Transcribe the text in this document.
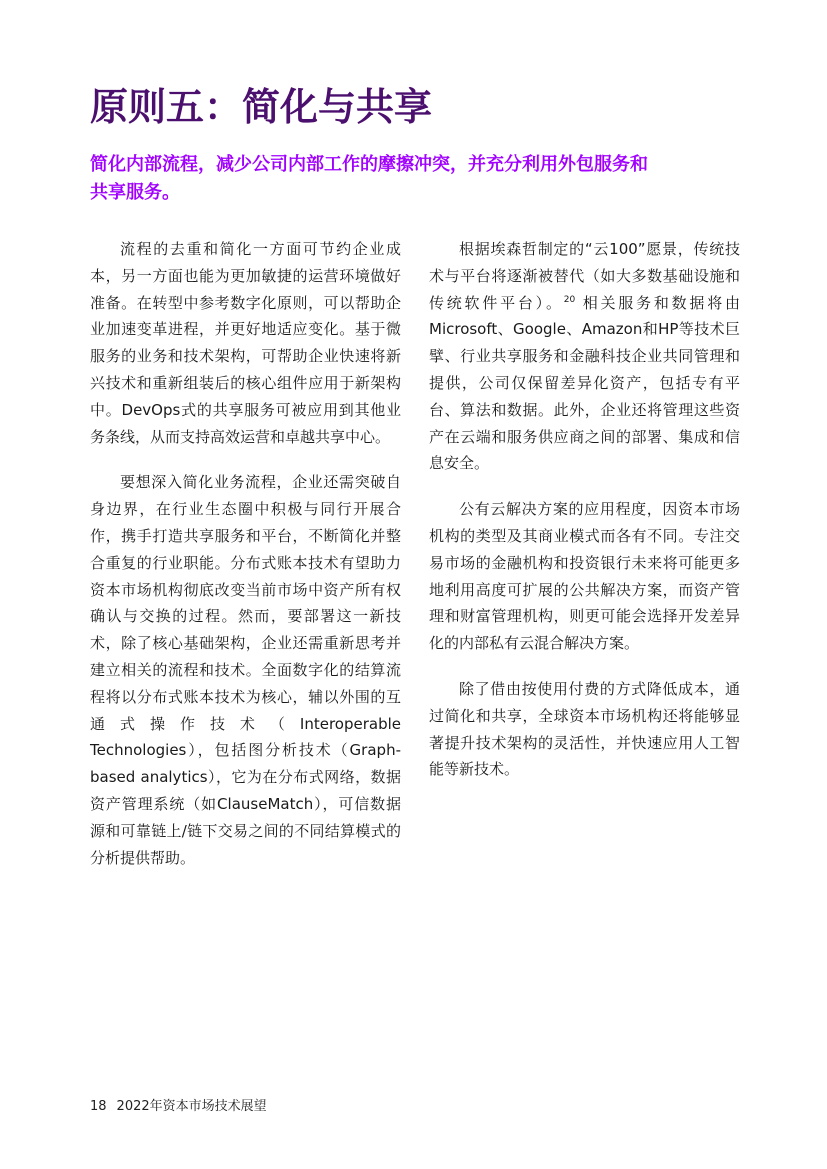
原则五：简化与共享
简化内部流程，减少公司内部工作的摩擦冲突，并充分利用外包服务和
共享服务。

流程的去重和简化一方面可节约企业成本，另一方面也能为更加敏捷的运营环境做好准备。在转型中参考数字化原则，可以帮助企业加速变革进程，并更好地适应变化。基于微服务的业务和技术架构，可帮助企业快速将新兴技术和重新组装后的核心组件应用于新架构中。DevOps式的共享服务可被应用到其他业务条线，从而支持高效运营和卓越共享中心。

要想深入简化业务流程，企业还需突破自身边界，在行业生态圈中积极与同行开展合作，携手打造共享服务和平台，不断简化并整合重复的行业职能。分布式账本技术有望助力资本市场机构彻底改变当前市场中资产所有权确认与交换的过程。然而，要部署这一新技术，除了核心基础架构，企业还需重新思考并建立相关的流程和技术。全面数字化的结算流程将以分布式账本技术为核心，辅以外围的互通式操作技术（Interoperable Technologies），包括图分析技术（Graph-based analytics），它为在分布式网络，数据资产管理系统（如ClauseMatch），可信数据源和可靠链上/链下交易之间的不同结算模式的分析提供帮助。

根据埃森哲制定的“云100”愿景，传统技术与平台将逐渐被替代（如大多数基础设施和传统软件平台）。$^{20}$ 相关服务和数据将由Microsoft、Google、Amazon和HP等技术巨擘、行业共享服务和金融科技企业共同管理和提供，公司仅保留差异化资产，包括专有平台、算法和数据。此外，企业还将管理这些资产在云端和服务供应商之间的部署、集成和信息安全。

公有云解决方案的应用程度，因资本市场机构的类型及其商业模式而各有不同。专注交易市场的金融机构和投资银行未来将可能更多地利用高度可扩展的公共解决方案，而资产管理和财富管理机构，则更可能会选择开发差异化的内部私有云混合解决方案。

除了借由按使用付费的方式降低成本，通过简化和共享，全球资本市场机构还将能够显著提升技术架构的灵活性，并快速应用人工智能等新技术。

18 2022年资本市场技术展望
